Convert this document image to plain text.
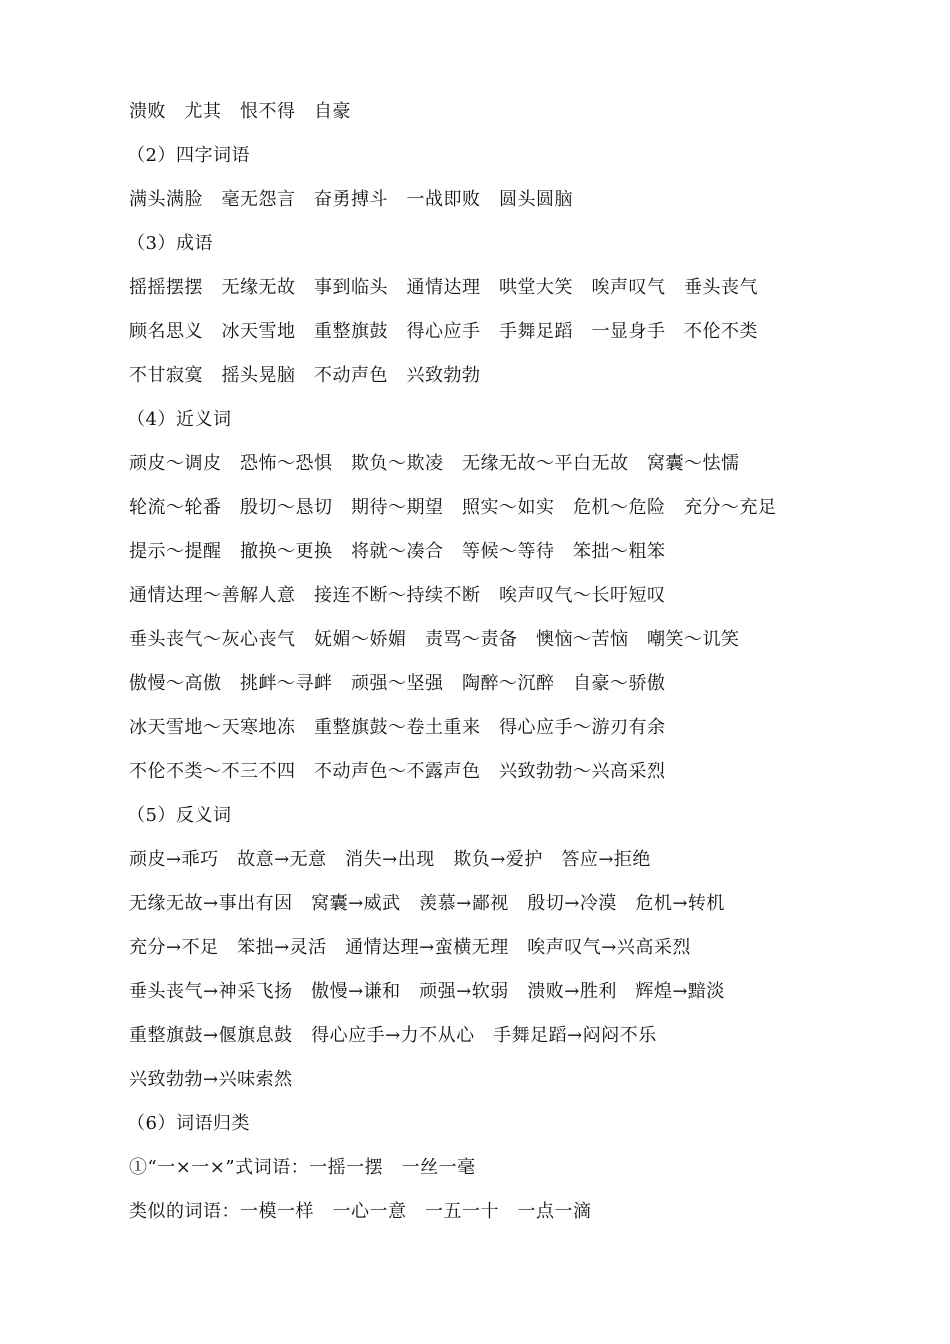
溃败　尤其　恨不得　自豪
（2）四字词语
满头满脸　毫无怨言　奋勇搏斗　一战即败　圆头圆脑
（3）成语
摇摇摆摆　无缘无故　事到临头　通情达理　哄堂大笑　唉声叹气　垂头丧气
顾名思义　冰天雪地　重整旗鼓　得心应手　手舞足蹈　一显身手　不伦不类
不甘寂寞　摇头晃脑　不动声色　兴致勃勃
（4）近义词
顽皮～调皮　恐怖～恐惧　欺负～欺凌　无缘无故～平白无故　窝囊～怯懦
轮流～轮番　殷切～恳切　期待～期望　照实～如实　危机～危险　充分～充足
提示～提醒　撤换～更换　将就～凑合　等候～等待　笨拙～粗笨
通情达理～善解人意　接连不断～持续不断　唉声叹气～长吁短叹
垂头丧气～灰心丧气　妩媚～娇媚　责骂～责备　懊恼～苦恼　嘲笑～讥笑
傲慢～高傲　挑衅～寻衅　顽强～坚强　陶醉～沉醉　自豪～骄傲
冰天雪地～天寒地冻　重整旗鼓～卷土重来　得心应手～游刃有余
不伦不类～不三不四　不动声色～不露声色　兴致勃勃～兴高采烈
（5）反义词
顽皮→乖巧　故意→无意　消失→出现　欺负→爱护　答应→拒绝
无缘无故→事出有因　窝囊→威武　羡慕→鄙视　殷切→冷漠　危机→转机
充分→不足　笨拙→灵活　通情达理→蛮横无理　唉声叹气→兴高采烈
垂头丧气→神采飞扬　傲慢→谦和　顽强→软弱　溃败→胜利　辉煌→黯淡
重整旗鼓→偃旗息鼓　得心应手→力不从心　手舞足蹈→闷闷不乐
兴致勃勃→兴味索然
（6）词语归类
①“一×一×”式词语：一摇一摆　一丝一毫
类似的词语：一模一样　一心一意　一五一十　一点一滴
